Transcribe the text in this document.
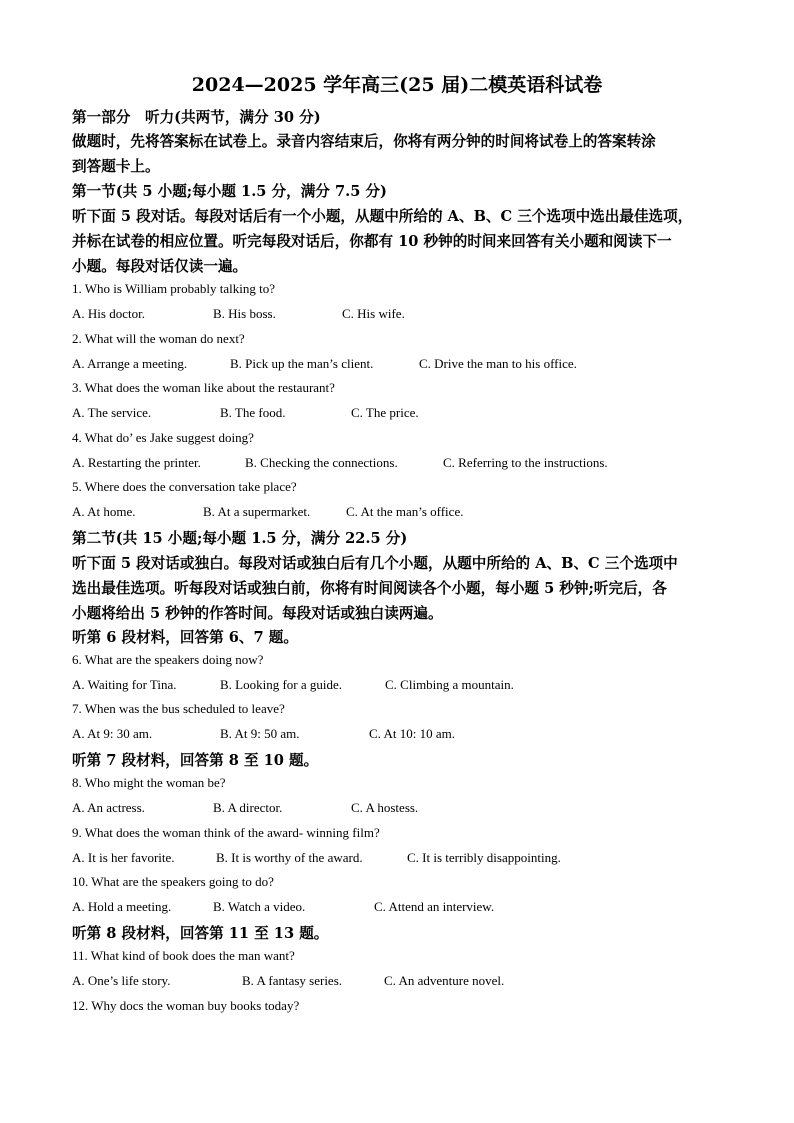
2024—2025 学年高三(25 届)二模英语科试卷
第一部分　听力(共两节，满分 30 分)
做题时，先将答案标在试卷上。录音内容结束后，你将有两分钟的时间将试卷上的答案转涂
到答题卡上。
第一节(共 5 小题;每小题 1.5 分，满分 7.5 分)
听下面 5 段对话。每段对话后有一个小题，从题中所给的 A、B、C 三个选项中选出最佳选项，
并标在试卷的相应位置。听完每段对话后，你都有 10 秒钟的时间来回答有关小题和阅读下一
小题。每段对话仅读一遍。
1. Who is William probably talking to?
A. His doctor.	B. His boss.	C. His wife.
2. What will the woman do next?
A. Arrange a meeting.	B. Pick up the man’s client.	C. Drive the man to his office.
3. What does the woman like about the restaurant?
A. The service.	B. The food.	C. The price.
4. What do’ es Jake suggest doing?
A. Restarting the printer.	B. Checking the connections.	C. Referring to the instructions.
5. Where does the conversation take place?
A. At home.	B. At a supermarket.	C. At the man’s office.
第二节(共 15 小题;每小题 1.5 分，满分 22.5 分)
听下面 5 段对话或独白。每段对话或独白后有几个小题，从题中所给的 A、B、C 三个选项中
选出最佳选项。听每段对话或独白前，你将有时间阅读各个小题，每小题 5 秒钟;听完后，各
小题将给出 5 秒钟的作答时间。每段对话或独白读两遍。
听第 6 段材料，回答第 6、7 题。
6. What are the speakers doing now?
A. Waiting for Tina.	B. Looking for a guide.	C. Climbing a mountain.
7. When was the bus scheduled to leave?
A. At 9: 30 am.	B. At 9: 50 am.	C. At 10: 10 am.
听第 7 段材料，回答第 8 至 10 题。
8. Who might the woman be?
A. An actress.	B. A director.	C. A hostess.
9. What does the woman think of the award- winning film?
A. It is her favorite.	B. It is worthy of the award.	C. It is terribly disappointing.
10. What are the speakers going to do?
A. Hold a meeting.	B. Watch a video.	C. Attend an interview.
听第 8 段材料，回答第 11 至 13 题。
11. What kind of book does the man want?
A. One’s life story.	B. A fantasy series.	C. An adventure novel.
12. Why docs the woman buy books today?
